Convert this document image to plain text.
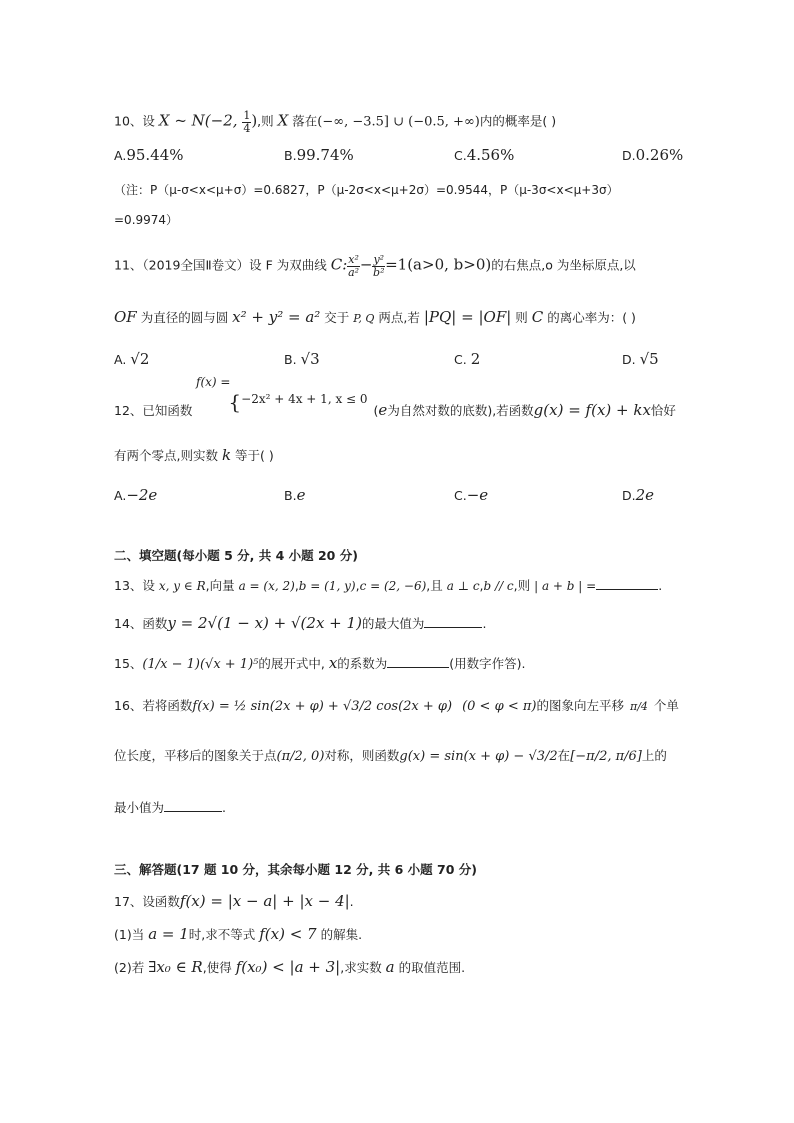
10、设 X ~ N(−2, $\frac{1}{4}$ ),则 X 落在(−∞, −3.5] ∪ (−0.5, +∞)内的概率是( )
A.95.44%	B.99.74%	C.4.56%	D.0.26%
（注：P（μ-σ<x<μ+σ）=0.6827，P（μ-2σ<x<μ+2σ）=0.9544，P（μ-3σ<x<μ+3σ）
=0.9974）
11、（2019全国Ⅱ卷文）设 F 为双曲线 C: $\frac{\text{x²}}{\text{a²}} - \frac{\text{y²}}{\text{b²}} =1(a>0$, b>0)的右焦点,o 为坐标原点,以
OF 为直径的圆与圆 x² + y² = a² 交于 P, Q 两点,若 |PQ| = |OF| 则 C 的离心率为：( )
A. √2	B. √3	C. 2	D. √5
f(x) =
12、已知函数 {−2x² + 4x + 1, x ≤ 0(e为自然对数的底数),若函数g(x) = f(x) + kx恰好
有两个零点,则实数 k 等于( )
A.−2e	B.e	C.−e	D.2e
二、填空题(每小题 5 分, 共 4 小题 20 分)
13、设 x, y ∈ R,向量 a = (x, 2),b = (1, y),c = (2, −6),且 a ⊥ c,b // c,则 | a + b | =	.
14、函数y = 2√(1 − x) + √(2x + 1)的最大值为	.
15、(1/x − 1)(√x + 1)⁵的展开式中, x的系数为	(用数字作答).
16、若将函数f(x) = ½ sin(2x + φ) + √3/2 cos(2x + φ) (0 < φ < π)的图象向左平移 π/4 个单
位长度，平移后的图象关于点(π/2, 0)对称，则函数g(x) = sin(x + φ) − √3/2在[−π/2, π/6]上的
最小值为	.
三、解答题(17 题 10 分，其余每小题 12 分, 共 6 小题 70 分)
17、设函数f(x) = |x − a| + |x − 4|.
(1)当 a = 1时,求不等式 f(x) < 7 的解集.
(2)若 ∃x₀ ∈ R,使得 f(x₀) < |a + 3|,求实数 a 的取值范围.
